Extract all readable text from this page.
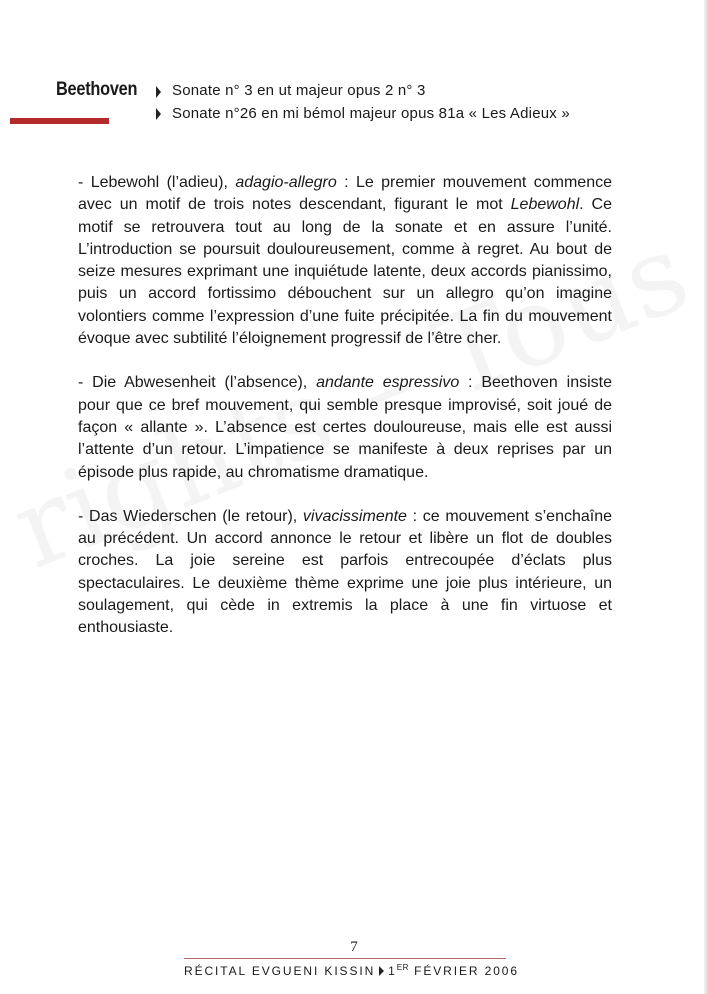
Beethoven Sonate n° 3 en ut majeur opus 2 n° 3
Sonate n°26 en mi bémol majeur opus 81a « Les Adieux »

- Lebewohl (l’adieu), adagio-allegro : Le premier mouvement commence avec un motif de trois notes descendant, figurant le mot Lebewohl. Ce motif se retrouvera tout au long de la sonate et en assure l’unité. L’introduction se poursuit douloureusement, comme à regret. Au bout de seize mesures exprimant une inquiétude latente, deux accords pianissimo, puis un accord fortissimo débouchent sur un allegro qu’on imagine volontiers comme l’expression d’une fuite précipitée. La fin du mouvement évoque avec subtilité l’éloignement progressif de l’être cher.

- Die Abwesenheit (l’absence), andante espressivo : Beethoven insiste pour que ce bref mouvement, qui semble presque improvisé, soit joué de façon « allante ». L’absence est certes douloureuse, mais elle est aussi l’attente d’un retour. L’impatience se manifeste à deux reprises par un épisode plus rapide, au chromatisme dramatique.

- Das Wiederschen (le retour), vivacissimente : ce mouvement s’enchaîne au précédent. Un accord annonce le retour et libère un flot de doubles croches. La joie sereine est parfois entrecoupée d’éclats plus spectaculaires. Le deuxième thème exprime une joie plus intérieure, un soulagement, qui cède in extremis la place à une fin virtuose et enthousiaste.

7
RÉCITAL EVGUENI KISSIN 1ER FÉVRIER 2006
